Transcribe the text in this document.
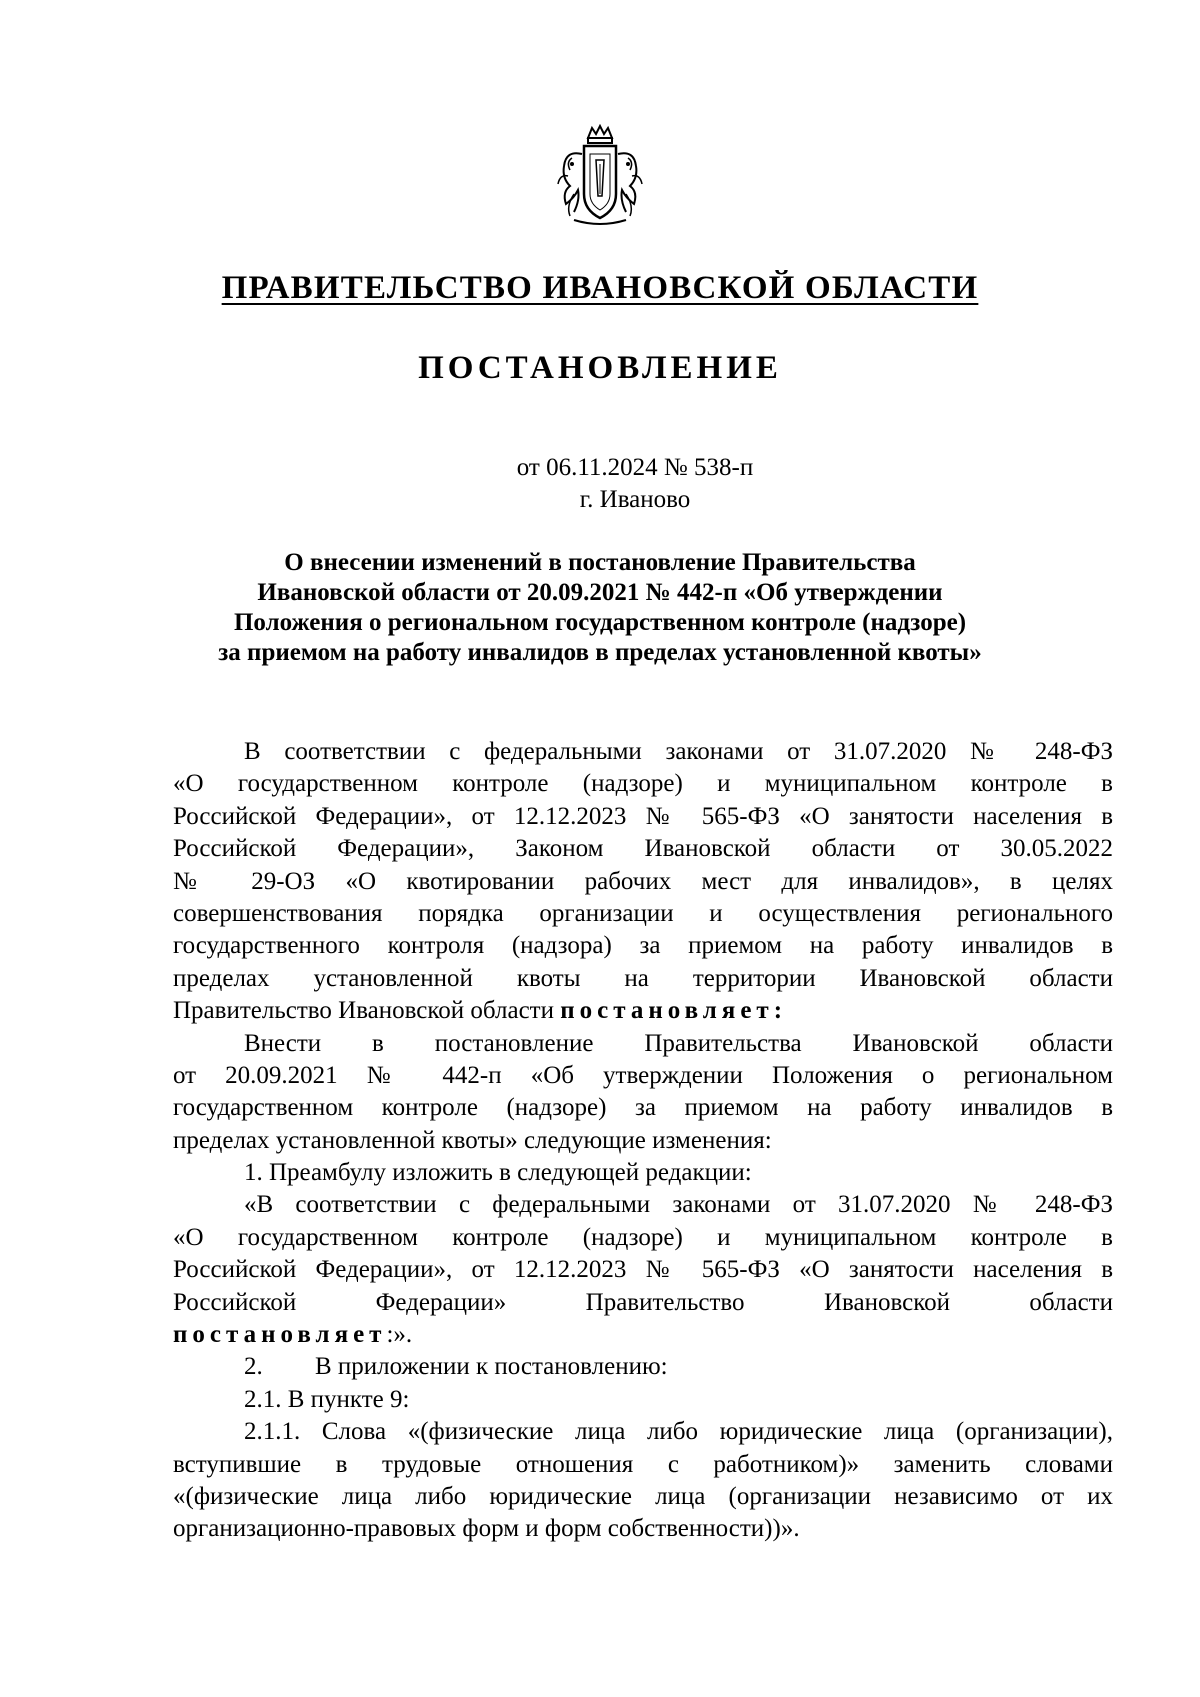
ПРАВИТЕЛЬСТВО ИВАНОВСКОЙ ОБЛАСТИ
ПОСТАНОВЛЕНИЕ
от 06.11.2024 № 538-п
г. Иваново
О внесении изменений в постановление Правительства
Ивановской области от 20.09.2021 № 442-п «Об утверждении
Положения о региональном государственном контроле (надзоре)
за приемом на работу инвалидов в пределах установленной квоты»
В соответствии с федеральными законами от 31.07.2020 № 248-ФЗ
«О государственном контроле (надзоре) и муниципальном контроле в
Российской Федерации», от 12.12.2023 № 565-ФЗ «О занятости населения в
Российской Федерации», Законом Ивановской области от 30.05.2022
№ 29-ОЗ «О квотировании рабочих мест для инвалидов», в целях
совершенствования порядка организации и осуществления регионального
государственного контроля (надзора) за приемом на работу инвалидов в
пределах установленной квоты на территории Ивановской области
Правительство Ивановской области постановляет:
Внести в постановление Правительства Ивановской области
от 20.09.2021 № 442-п «Об утверждении Положения о региональном
государственном контроле (надзоре) за приемом на работу инвалидов в
пределах установленной квоты» следующие изменения:
1. Преамбулу изложить в следующей редакции:
«В соответствии с федеральными законами от 31.07.2020 № 248-ФЗ
«О государственном контроле (надзоре) и муниципальном контроле в
Российской Федерации», от 12.12.2023 № 565-ФЗ «О занятости населения в
Российской Федерации» Правительство Ивановской области
постановляет:».
2. В приложении к постановлению:
2.1. В пункте 9:
2.1.1. Слова «(физические лица либо юридические лица (организации),
вступившие в трудовые отношения с работником)» заменить словами
«(физические лица либо юридические лица (организации независимо от их
организационно-правовых форм и форм собственности))».
